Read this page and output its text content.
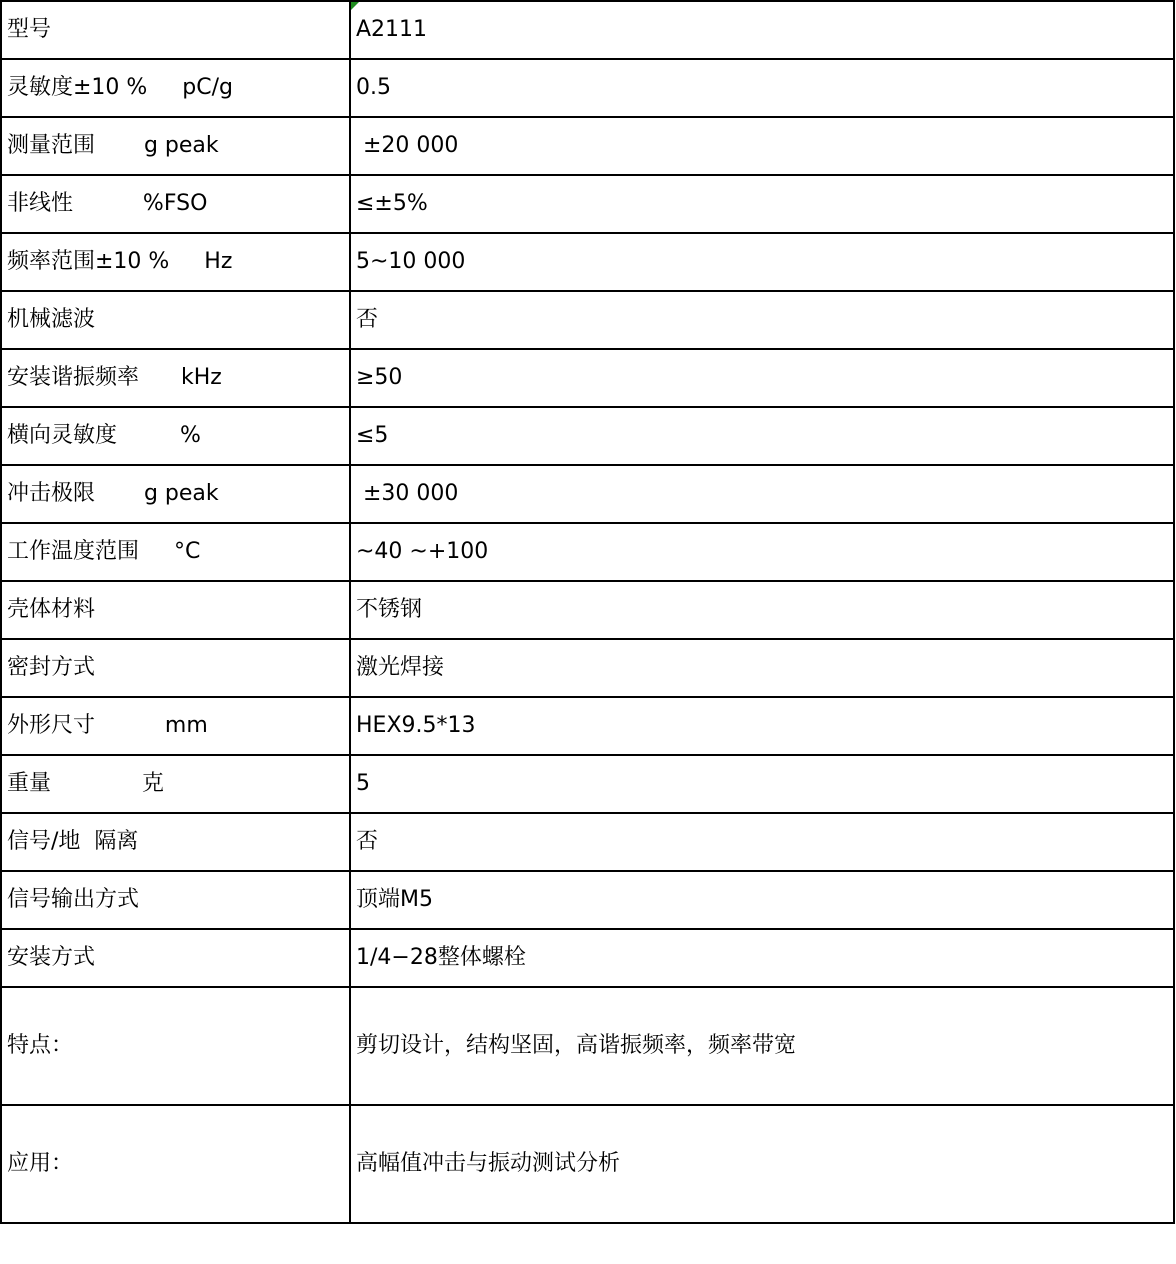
型号	A2111
灵敏度±10 %     pC/g	0.5
测量范围       g peak	±20 000
非线性          %FSO	≤±5%
频率范围±10 %     Hz	5~10 000
机械滤波	否
安装谐振频率      kHz	≥50
横向灵敏度         %	≤5
冲击极限       g peak	±30 000
工作温度范围     °C	~40 ~+100
壳体材料	不锈钢
密封方式	激光焊接
外形尺寸          mm	HEX9.5*13
重量             克	5
信号/地  隔离	否
信号输出方式	顶端M5
安装方式	1/4−28整体螺栓
特点：	剪切设计，结构坚固，高谐振频率，频率带宽
应用：	高幅值冲击与振动测试分析
